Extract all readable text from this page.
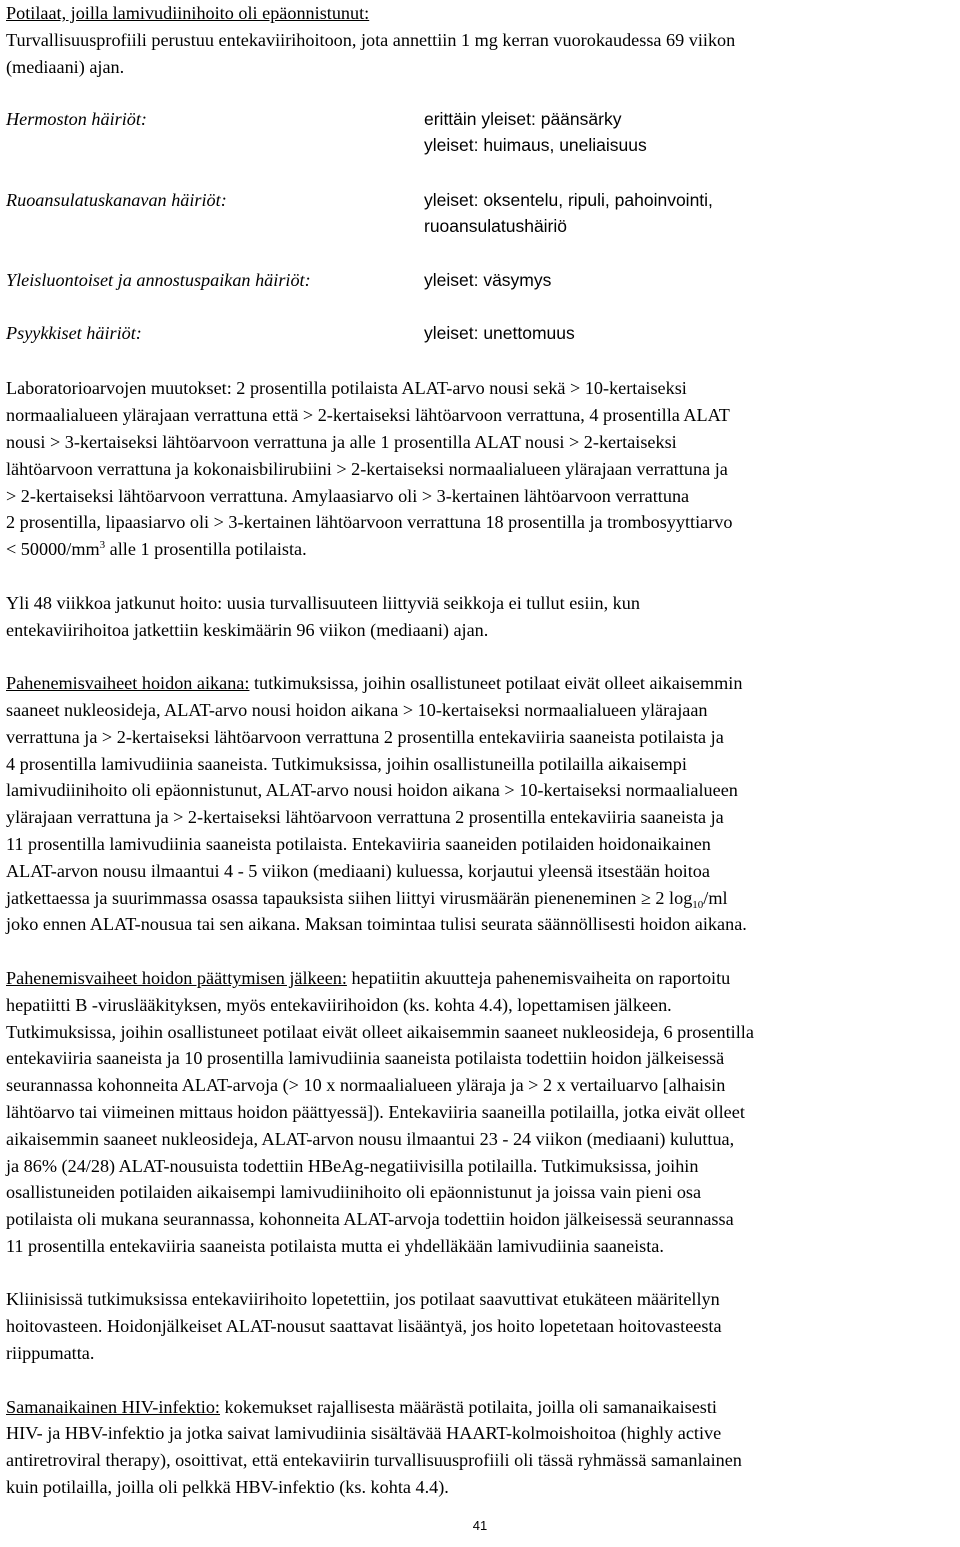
Potilaat, joilla lamivudiinihoito oli epäonnistunut:
Turvallisuusprofiili perustuu entekaviirihoitoon, jota annettiin 1 mg kerran vuorokaudessa 69 viikon
(mediaani) ajan.
Hermoston häiriöt:	erittäin yleiset: päänsärky
yleiset: huimaus, uneliaisuus
Ruoansulatuskanavan häiriöt:	yleiset: oksentelu, ripuli, pahoinvointi,
ruoansulatushäiriö
Yleisluontoiset ja annostuspaikan häiriöt:	yleiset: väsymys
Psyykkiset häiriöt:	yleiset: unettomuus
Laboratorioarvojen muutokset: 2 prosentilla potilaista ALAT-arvo nousi sekä > 10-kertaiseksi
normaalialueen ylärajaan verrattuna että > 2-kertaiseksi lähtöarvoon verrattuna, 4 prosentilla ALAT
nousi > 3-kertaiseksi lähtöarvoon verrattuna ja alle 1 prosentilla ALAT nousi > 2-kertaiseksi
lähtöarvoon verrattuna ja kokonaisbilirubiini > 2-kertaiseksi normaalialueen ylärajaan verrattuna ja
> 2-kertaiseksi lähtöarvoon verrattuna. Amylaasiarvo oli > 3-kertainen lähtöarvoon verrattuna
2 prosentilla, lipaasiarvo oli > 3-kertainen lähtöarvoon verrattuna 18 prosentilla ja trombosyyttiarvo
< $50000/mm^3$ alle 1 prosentilla potilaista.
Yli 48 viikkoa jatkunut hoito: uusia turvallisuuteen liittyviä seikkoja ei tullut esiin, kun
entekaviirihoitoa jatkettiin keskimäärin 96 viikon (mediaani) ajan.
Pahenemisvaiheet hoidon aikana: tutkimuksissa, joihin osallistuneet potilaat eivät olleet aikaisemmin
saaneet nukleosideja, ALAT-arvo nousi hoidon aikana > 10-kertaiseksi normaalialueen ylärajaan
verrattuna ja > 2-kertaiseksi lähtöarvoon verrattuna 2 prosentilla entekaviiria saaneista potilaista ja
4 prosentilla lamivudiinia saaneista. Tutkimuksissa, joihin osallistuneilla potilailla aikaisempi
lamivudiinihoito oli epäonnistunut, ALAT-arvo nousi hoidon aikana > 10-kertaiseksi normaalialueen
ylärajaan verrattuna ja > 2-kertaiseksi lähtöarvoon verrattuna 2 prosentilla entekaviiria saaneista ja
11 prosentilla lamivudiinia saaneista potilaista. Entekaviiria saaneiden potilaiden hoidonaikainen
ALAT-arvon nousu ilmaantui 4 - 5 viikon (mediaani) kuluessa, korjautui yleensä itsestään hoitoa
jatkettaessa ja suurimmassa osassa tapauksista siihen liittyi virusmäärän pieneneminen ≥ 2 $\log_{10}/ml$
joko ennen ALAT-nousua tai sen aikana. Maksan toimintaa tulisi seurata säännöllisesti hoidon aikana.
Pahenemisvaiheet hoidon päättymisen jälkeen: hepatiitin akuutteja pahenemisvaiheita on raportoitu
hepatiitti B -viruslääkityksen, myös entekaviirihoidon (ks. kohta 4.4), lopettamisen jälkeen.
Tutkimuksissa, joihin osallistuneet potilaat eivät olleet aikaisemmin saaneet nukleosideja, 6 prosentilla
entekaviiria saaneista ja 10 prosentilla lamivudiinia saaneista potilaista todettiin hoidon jälkeisessä
seurannassa kohonneita ALAT-arvoja (> 10 x normaalialueen yläraja ja > 2 x vertailuarvo [alhaisin
lähtöarvo tai viimeinen mittaus hoidon päättyessä]). Entekaviiria saaneilla potilailla, jotka eivät olleet
aikaisemmin saaneet nukleosideja, ALAT-arvon nousu ilmaantui 23 - 24 viikon (mediaani) kuluttua,
ja 86% (24/28) ALAT-nousuista todettiin HBeAg-negatiivisilla potilailla. Tutkimuksissa, joihin
osallistuneiden potilaiden aikaisempi lamivudiinihoito oli epäonnistunut ja joissa vain pieni osa
potilaista oli mukana seurannassa, kohonneita ALAT-arvoja todettiin hoidon jälkeisessä seurannassa
11 prosentilla entekaviiria saaneista potilaista mutta ei yhdelläkään lamivudiinia saaneista.
Kliinisissä tutkimuksissa entekaviirihoito lopetettiin, jos potilaat saavuttivat etukäteen määritellyn
hoitovasteen. Hoidonjälkeiset ALAT-nousut saattavat lisääntyä, jos hoito lopetetaan hoitovasteesta
riippumatta.
Samanaikainen HIV-infektio: kokemukset rajallisesta määrästä potilaita, joilla oli samanaikaisesti
HIV- ja HBV-infektio ja jotka saivat lamivudiinia sisältävää HAART-kolmoishoitoa (highly active
antiretroviral therapy), osoittivat, että entekaviirin turvallisuusprofiili oli tässä ryhmässä samanlainen
kuin potilailla, joilla oli pelkkä HBV-infektio (ks. kohta 4.4).
41
